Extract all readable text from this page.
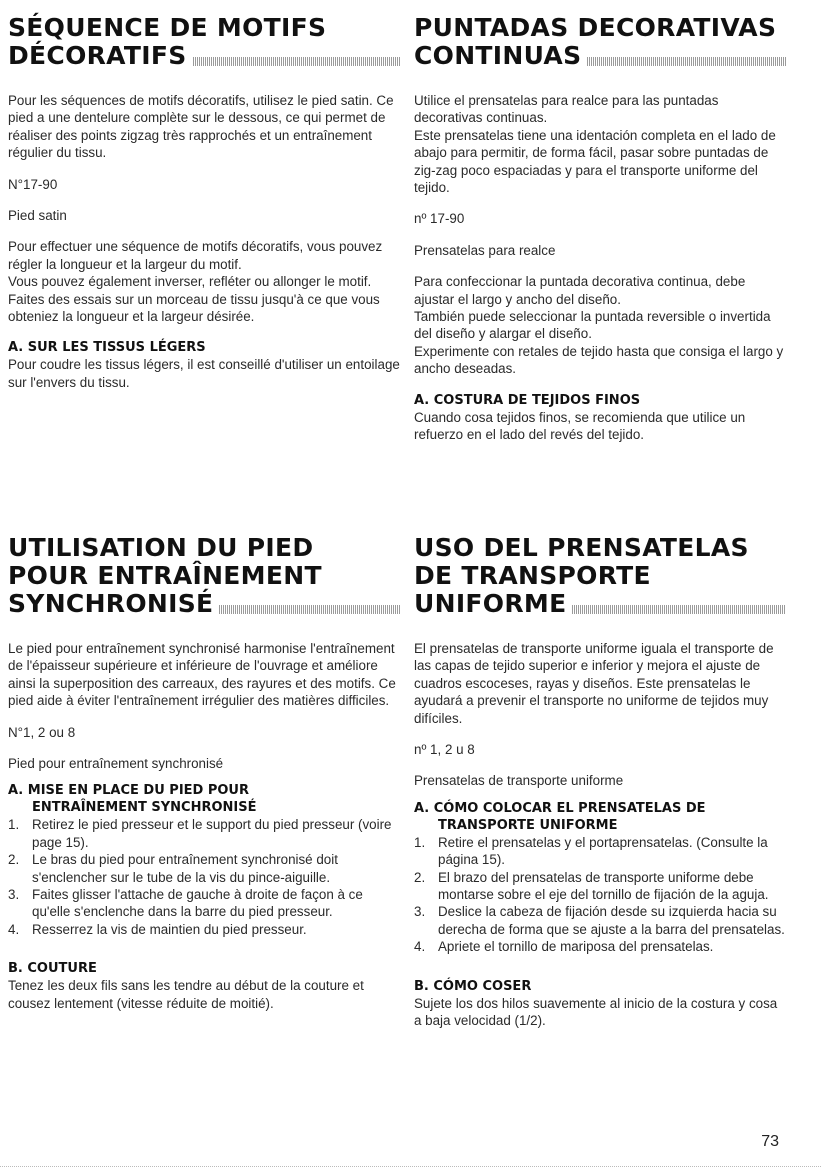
SÉQUENCE DE MOTIFS
DÉCORATIFS

Pour les séquences de motifs décoratifs, utilisez le pied satin. Ce pied a une dentelure complète sur le dessous, ce qui permet de réaliser des points zigzag très rapprochés et un entraînement régulier du tissu.

N°17-90

Pied satin

Pour effectuer une séquence de motifs décoratifs, vous pouvez régler la longueur et la largeur du motif.
Vous pouvez également inverser, refléter ou allonger le motif.
Faites des essais sur un morceau de tissu jusqu'à ce que vous obteniez la longueur et la largeur désirée.

A. SUR LES TISSUS LÉGERS

Pour coudre les tissus légers, il est conseillé d'utiliser un entoilage sur l'envers du tissu.

UTILISATION DU PIED
POUR ENTRAÎNEMENT
SYNCHRONISÉ

Le pied pour entraînement synchronisé harmonise l'entraînement de l'épaisseur supérieure et inférieure de l'ouvrage et améliore ainsi la superposition des carreaux, des rayures et des motifs. Ce pied aide à éviter l'entraînement irrégulier des matières difficiles.

N°1, 2 ou 8

Pied pour entraînement synchronisé

A. MISE EN PLACE DU PIED POUR
ENTRAÎNEMENT SYNCHRONISÉ
1. Retirez le pied presseur et le support du pied presseur (voire page 15).
2. Le bras du pied pour entraînement synchronisé doit s'enclencher sur le tube de la vis du pince-aiguille.
3. Faites glisser l'attache de gauche à droite de façon à ce qu'elle s'enclenche dans la barre du pied presseur.
4. Resserrez la vis de maintien du pied presseur.
B. COUTURE

Tenez les deux fils sans les tendre au début de la couture et cousez lentement (vitesse réduite de moitié).

PUNTADAS DECORATIVAS
CONTINUAS

Utilice el prensatelas para realce para las puntadas decorativas continuas.
Este prensatelas tiene una identación completa en el lado de abajo para permitir, de forma fácil, pasar sobre puntadas de zig-zag poco espaciadas y para el transporte uniforme del tejido.

nº 17-90

Prensatelas para realce

Para confeccionar la puntada decorativa continua, debe ajustar el largo y ancho del diseño.
También puede seleccionar la puntada reversible o invertida del diseño y alargar el diseño.
Experimente con retales de tejido hasta que consiga el largo y ancho deseadas.

A. COSTURA DE TEJIDOS FINOS

Cuando cosa tejidos finos, se recomienda que utilice un refuerzo en el lado del revés del tejido.

USO DEL PRENSATELAS
DE TRANSPORTE
UNIFORME

El prensatelas de transporte uniforme iguala el transporte de las capas de tejido superior e inferior y mejora el ajuste de cuadros escoceses, rayas y diseños. Este prensatelas le ayudará a prevenir el transporte no uniforme de tejidos muy difíciles.

nº 1, 2 u 8

Prensatelas de transporte uniforme

A. CÓMO COLOCAR EL PRENSATELAS DE
TRANSPORTE UNIFORME
1. Retire el prensatelas y el portaprensatelas. (Consulte la página 15).
2. El brazo del prensatelas de transporte uniforme debe montarse sobre el eje del tornillo de fijación de la aguja.
3. Deslice la cabeza de fijación desde su izquierda hacia su derecha de forma que se ajuste a la barra del prensatelas.
4. Apriete el tornillo de mariposa del prensatelas.
B. CÓMO COSER

Sujete los dos hilos suavemente al inicio de la costura y cosa a baja velocidad (1/2).

73
